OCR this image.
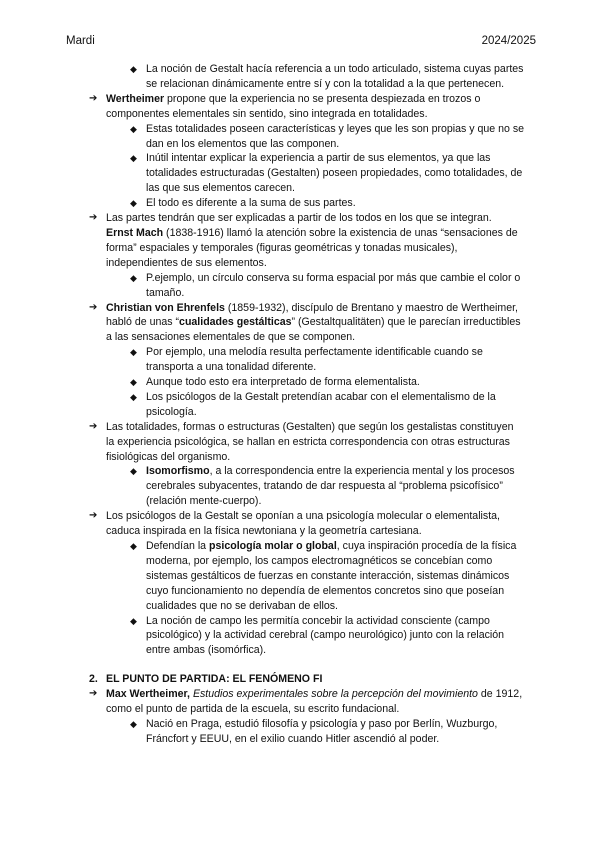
Mardi	2024/2025
◆ La noción de Gestalt hacía referencia a un todo articulado, sistema cuyas partes se relacionan dinámicamente entre sí y con la totalidad a la que pertenecen.
➔ Wertheimer propone que la experiencia no se presenta despiezada en trozos o componentes elementales sin sentido, sino integrada en totalidades.
◆ Estas totalidades poseen características y leyes que les son propias y que no se dan en los elementos que las componen.
◆ Inútil intentar explicar la experiencia a partir de sus elementos, ya que las totalidades estructuradas (Gestalten) poseen propiedades, como totalidades, de las que sus elementos carecen.
◆ El todo es diferente a la suma de sus partes.
➔ Las partes tendrán que ser explicadas a partir de los todos en los que se integran.
Ernst Mach (1838-1916) llamó la atención sobre la existencia de unas “sensaciones de forma” espaciales y temporales (figuras geométricas y tonadas musicales), independientes de sus elementos.
◆ P.ejemplo, un círculo conserva su forma espacial por más que cambie el color o tamaño.
➔ Christian von Ehrenfels (1859-1932), discípulo de Brentano y maestro de Wertheimer, habló de unas “cualidades gestálticas” (Gestaltqualitäten) que le parecían irreductibles a las sensaciones elementales de que se componen.
◆ Por ejemplo, una melodía resulta perfectamente identificable cuando se transporta a una tonalidad diferente.
◆ Aunque todo esto era interpretado de forma elementalista.
◆ Los psicólogos de la Gestalt pretendían acabar con el elementalismo de la psicología.
➔ Las totalidades, formas o estructuras (Gestalten) que según los gestalistas constituyen la experiencia psicológica, se hallan en estricta correspondencia con otras estructuras fisiológicas del organismo.
◆ Isomorfismo, a la correspondencia entre la experiencia mental y los procesos cerebrales subyacentes, tratando de dar respuesta al “problema psicofísico” (relación mente-cuerpo).
➔ Los psicólogos de la Gestalt se oponían a una psicología molecular o elementalista, caduca inspirada en la física newtoniana y la geometría cartesiana.
◆ Defendían la psicología molar o global, cuya inspiración procedía de la física moderna, por ejemplo, los campos electromagnéticos se concebían como sistemas gestálticos de fuerzas en constante interacción, sistemas dinámicos cuyo funcionamiento no dependía de elementos concretos sino que poseían cualidades que no se derivaban de ellos.
◆ La noción de campo les permitía concebir la actividad consciente (campo psicológico) y la actividad cerebral (campo neurológico) junto con la relación entre ambas (isomórfica).
2. EL PUNTO DE PARTIDA: EL FENÓMENO FI
➔ Max Wertheimer, Estudios experimentales sobre la percepción del movimiento de 1912, como el punto de partida de la escuela, su escrito fundacional.
◆ Nació en Praga, estudió filosofía y psicología y paso por Berlín, Wuzburgo, Fráncfort y EEUU, en el exilio cuando Hitler ascendió al poder.
